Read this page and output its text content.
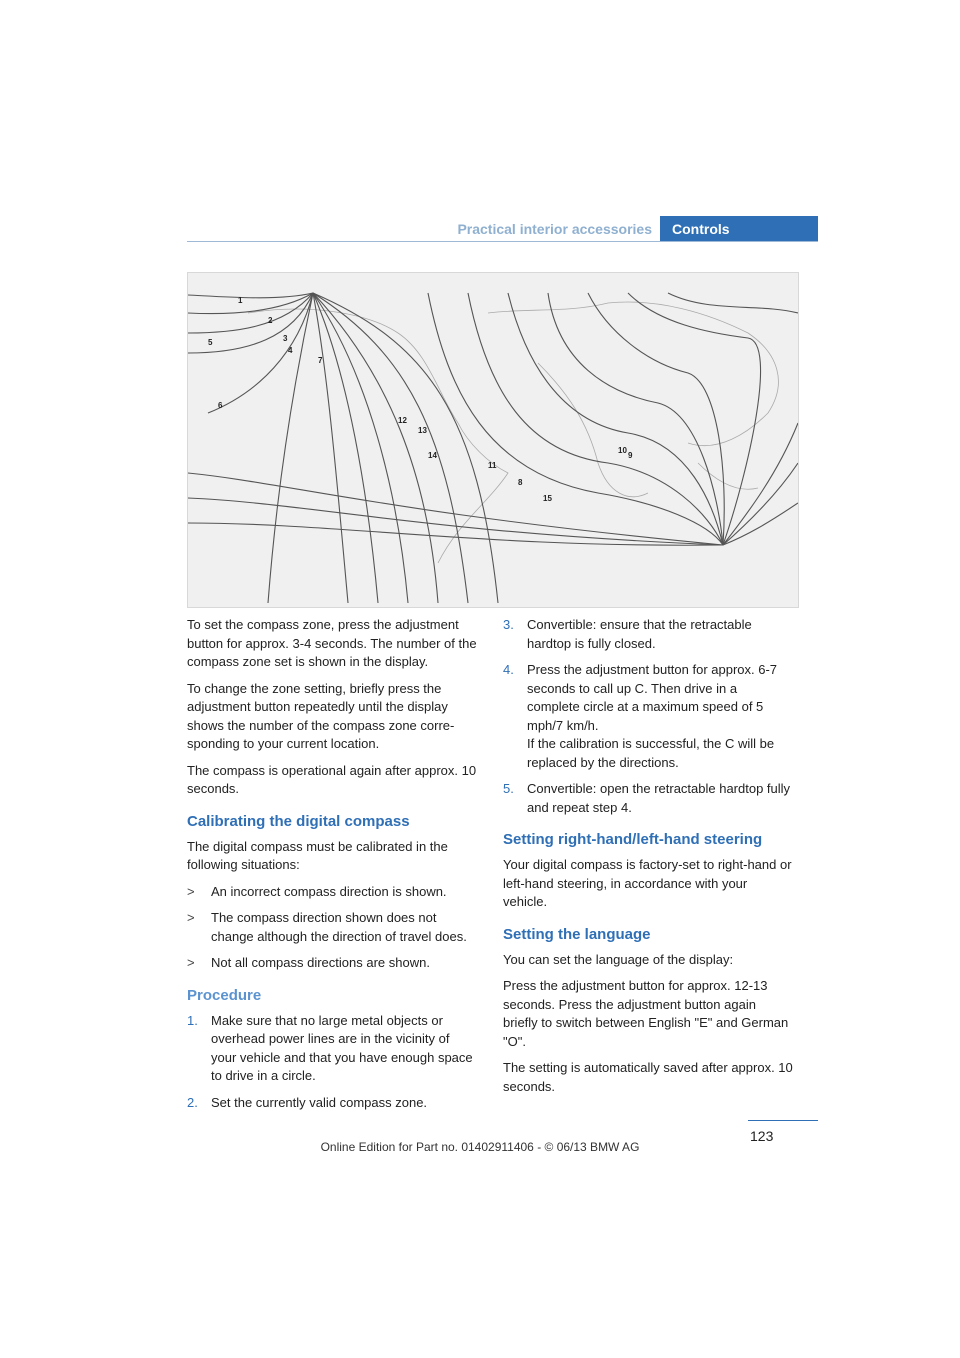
Practical interior accessories	Controls
1
2
3
4
5
6
7
8
9
10
11
12
13
14
15

To set the compass zone, press the adjustment button for approx. 3-4 seconds. The number of the compass zone set is shown in the display.

To change the zone setting, briefly press the adjustment button repeatedly until the display shows the number of the compass zone corresponding to your current location.

The compass is operational again after approx. 10 seconds.

Calibrating the digital compass

The digital compass must be calibrated in the following situations:

> An incorrect compass direction is shown.
> The compass direction shown does not change although the direction of travel does.
> Not all compass directions are shown.
Procedure
1. Make sure that no large metal objects or overhead power lines are in the vicinity of your vehicle and that you have enough space to drive in a circle.
2. Set the currently valid compass zone.
3. Convertible: ensure that the retractable hardtop is fully closed.
4. Press the adjustment button for approx. 6-7 seconds to call up C. Then drive in a complete circle at a maximum speed of 5 mph/7 km/h.
If the calibration is successful, the C will be replaced by the directions.
5. Convertible: open the retractable hardtop fully and repeat step 4.
Setting right-hand/left-hand steering

Your digital compass is factory-set to right-hand or left-hand steering, in accordance with your vehicle.

Setting the language

You can set the language of the display:

Press the adjustment button for approx. 12-13 seconds. Press the adjustment button again briefly to switch between English "E" and German "O".

The setting is automatically saved after approx. 10 seconds.

123
Online Edition for Part no. 01402911406 - © 06/13 BMW AG
